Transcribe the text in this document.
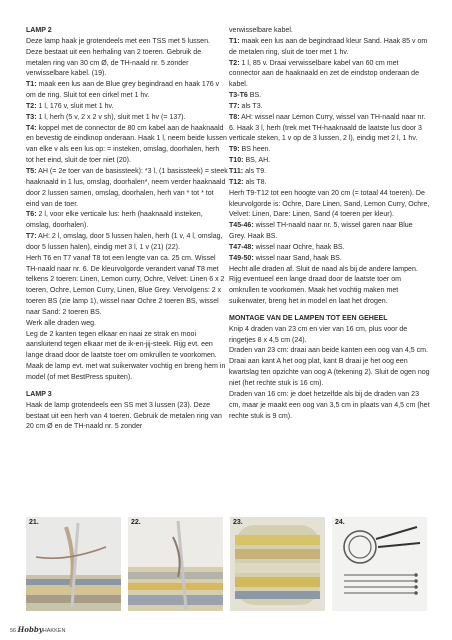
LAMP 2

Deze lamp haak je grotendeels met een TSS met 5 lussen. Deze bestaat uit een herhaling van 2 toeren. Gebruik de metalen ring van 30 cm Ø, de TH-naald nr. 5 zonder verwisselbare kabel. (19).

T1: maak een lus aan de Blue grey begindraad en haak 176 v om de ring. Sluit tot een cirkel met 1 hv.

T2: 1 l, 176 v, sluit met 1 hv.

T3: 1 l, herh (5 v, 2 x 2 v sh), sluit met 1 hv (= 137).

T4: koppel met de connector de 80 cm kabel aan de haaknaald en bevestig de eindknop onderaan. Haak 1 l, neem beide lussen van elke v als een lus op: = insteken, omslag, doorhalen, herh tot het eind, sluit de toer niet (20).

T5: AH (= 2e toer van de basissteek): *3 l, (1 basissteek) = steek haaknaald in 1 lus, omslag, doorhalen*, neem verder haaknaald door 2 lussen samen, omslag, doorhalen, herh van * tot * tot eind van de toer.

T6: 2 l, voor elke verticale lus: herh (haaknaald insteken, omslag, doorhalen).

T7: AH: 2 l, omslag, door 5 lussen halen, herh (1 v, 4 l, omslag, door 5 lussen halen), eindig met 3 l, 1 v (21) (22).

Herh T6 en T7 vanaf T8 tot een lengte van ca. 25 cm. Wissel TH-naald naar nr. 6. De kleurvolgorde verandert vanaf T8 met telkens 2 toeren: Linen, Lemon curry, Ochre, Velvet: Linen 6 x 2 toeren, Ochre, Lemon Curry, Linen, Blue Grey. Vervolgens: 2 x toeren BS (zie lamp 1), wissel naar Ochre 2 toeren BS, wissel naar Sand: 2 toeren BS.

Werk alle draden weg.

Leg de 2 kanten tegen elkaar en naai ze strak en mooi aansluitend tegen elkaar met de ik-en-jij-steek. Rijg evt. een lange draad door de laatste toer om omkrullen te voorkomen. Maak de lamp evt. met wat suikerwater vochtig en breng hem in model (of met BestPress spuiten).

LAMP 3

Haak de lamp grotendeels een SS met 3 lussen (23). Deze bestaat uit een herh van 4 toeren. Gebruik de metalen ring van 20 cm Ø en de TH-naald nr. 5 zonder

verwisselbare kabel.

T1: maak een lus aan de begindraad kleur Sand. Haak 85 v om de metalen ring, sluit de toer met 1 hv.

T2: 1 l, 85 v. Draai verwisselbare kabel van 60 cm met connector aan de haaknaald en zet de eindstop onderaan de kabel.

T3-T6 BS.

T7: als T3.

T8: AH: wissel naar Lemon Curry, wissel van TH-naald naar nr. 6. Haak 3 l, herh (trek met TH-haaknaald de laatste lus door 3 verticale steken, 1 v op de 3 lussen, 2 l), eindig met 2 l, 1 hv.

T9: BS heen.

T10: BS, AH.

T11: als T9.

T12: als T8.

Herh T9-T12 tot een hoogte van 20 cm (= totaal 44 toeren). De kleurvolgorde is: Ochre, Dare Linen, Sand, Lemon Curry, Ochre, Velvet: Linen, Dare: Linen, Sand (4 toeren per kleur).

T45-46: wissel TH-naald naar nr. 5, wissel garen naar Blue Grey. Haak BS.

T47-48: wissel naar Ochre, haak BS.

T49-50: wissel naar Sand, haak BS.

Hecht alle draden af. Sluit de naad als bij de andere lampen. Rijg eventueel een lange draad door de laatste toer om omkrullen te voorkomen. Maak het vochtig maken met suikerwater, breng het in model en laat het drogen.

MONTAGE VAN DE LAMPEN TOT EEN GEHEEL

Knip 4 draden van 23 cm en vier van 16 cm, plus voor de ringetjes 8 x 4,5 cm (24).

Draden van 23 cm: draai aan beide kanten een oog van 4,5 cm. Draai aan kant A het oog plat, kant B draai je het oog een kwartslag ten opzichte van oog A (tekening 2). Sluit de ogen nog niet (het rechte stuk is 16 cm).

Draden van 16 cm: je doet hetzelfde als bij de draden van 23 cm, maar je maakt een oog van 3,5 cm in plaats van 4,5 cm (het rechte stuk is 9 cm).

21.	22.	23.	24.
56 HobbyHAKKEN
